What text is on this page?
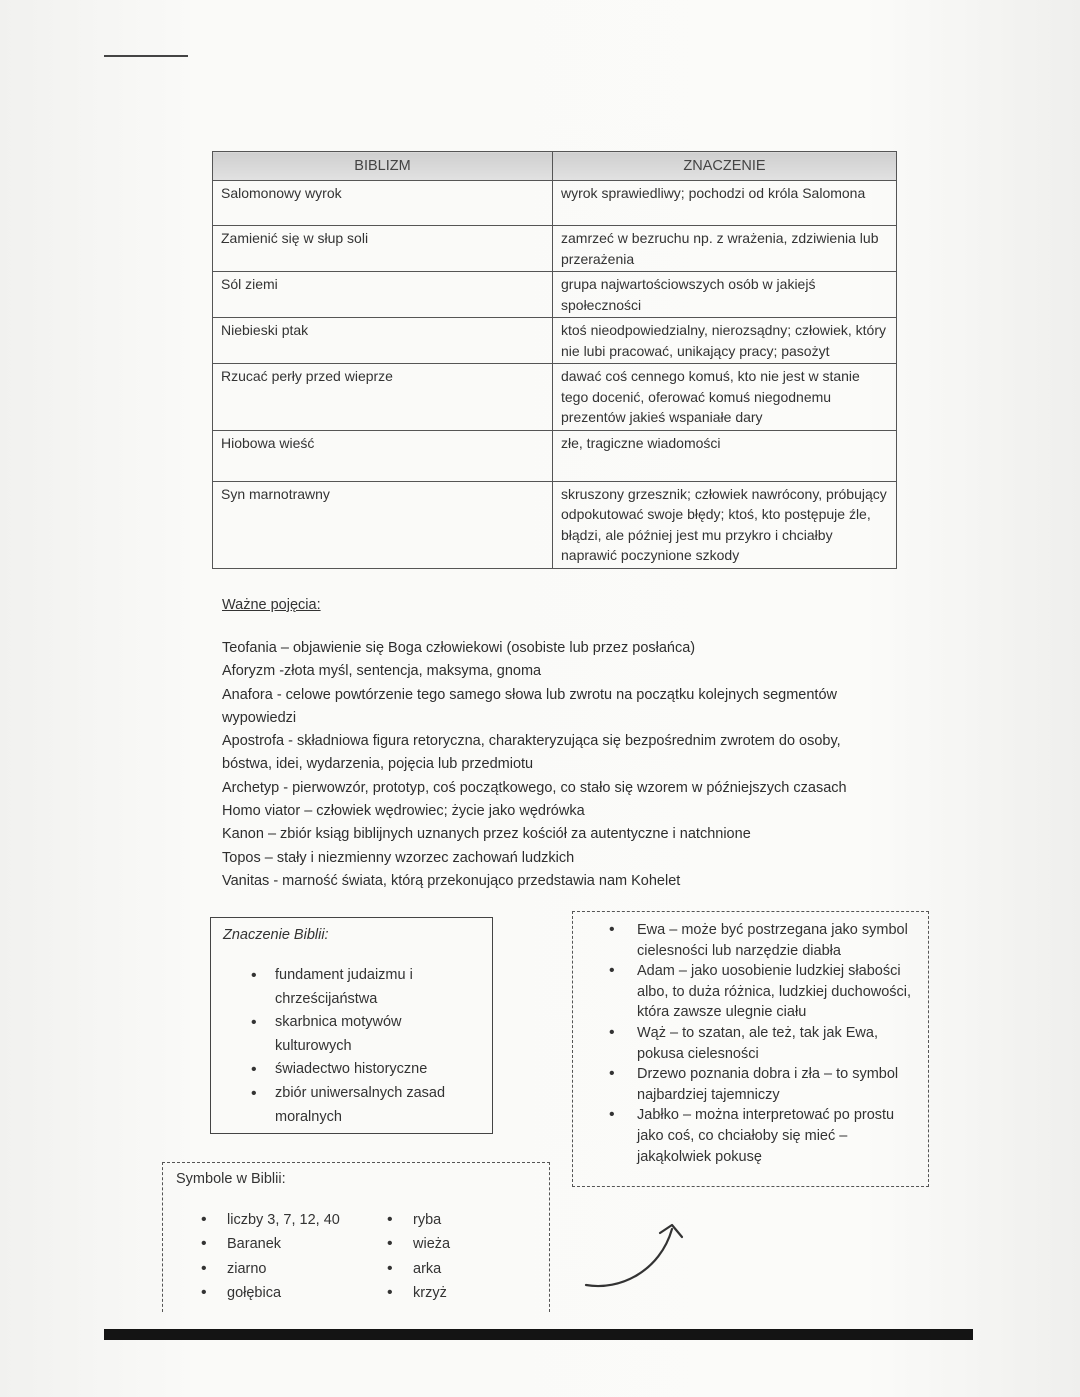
BIBLIZM	ZNACZENIE
Salomonowy wyrok	wyrok sprawiedliwy; pochodzi od króla Salomona
Zamienić się w słup soli	zamrzeć w bezruchu np. z wrażenia, zdziwienia lub przerażenia
Sól ziemi	grupa najwartościowszych osób w jakiejś społeczności
Niebieski ptak	ktoś nieodpowiedzialny, nierozsądny; człowiek, który nie lubi pracować, unikający pracy; pasożyt
Rzucać perły przed wieprze	dawać coś cennego komuś, kto nie jest w stanie tego docenić, oferować komuś niegodnemu prezentów jakieś wspaniałe dary
Hiobowa wieść	złe, tragiczne wiadomości
Syn marnotrawny	skruszony grzesznik; człowiek nawrócony, próbujący odpokutować swoje błędy; ktoś, kto postępuje źle, błądzi, ale później jest mu przykro i chciałby naprawić poczynione szkody
Ważne pojęcia:
Teofania – objawienie się Boga człowiekowi (osobiste lub przez posłańca)
Aforyzm -złota myśl, sentencja, maksyma, gnoma
Anafora - celowe powtórzenie tego samego słowa lub zwrotu na początku kolejnych segmentów wypowiedzi
Apostrofa - składniowa figura retoryczna, charakteryzująca się bezpośrednim zwrotem do osoby, bóstwa, idei, wydarzenia, pojęcia lub przedmiotu
Archetyp - pierwowzór, prototyp, coś początkowego, co stało się wzorem w późniejszych czasach
Homo viator – człowiek wędrowiec; życie jako wędrówka
Kanon – zbiór ksiąg biblijnych uznanych przez kościół za autentyczne i natchnione
Topos – stały i niezmienny wzorzec zachowań ludzkich
Vanitas - marność świata, którą przekonująco przedstawia nam Kohelet
Znaczenie Biblii:
• fundament judaizmu i chrześcijaństwa
• skarbnica motywów kulturowych
• świadectwo historyczne
• zbiór uniwersalnych zasad moralnych
• Ewa – może być postrzegana jako symbol cielesności lub narzędzie diabła
• Adam – jako uosobienie ludzkiej słabości albo, to duża różnica, ludzkiej duchowości, która zawsze ulegnie ciału
• Wąż – to szatan, ale też, tak jak Ewa, pokusa cielesności
• Drzewo poznania dobra i zła – to symbol najbardziej tajemniczy
• Jabłko – można interpretować po prostu jako coś, co chciałoby się mieć – jakąkolwiek pokusę
Symbole w Biblii:
• liczby 3, 7, 12, 40
• Baranek
• ziarno
• gołębica
• ryba
• wieża
• arka
• krzyż
